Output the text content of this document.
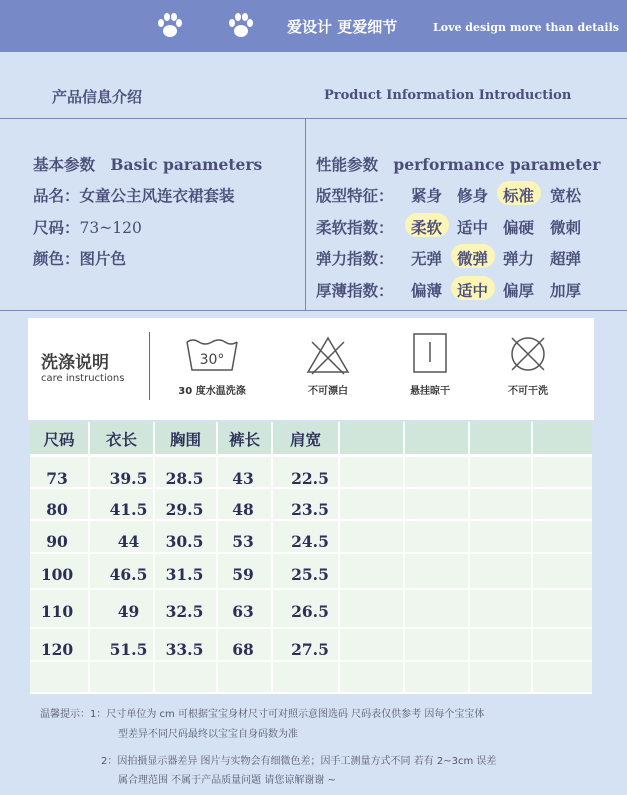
爱设计 更爱细节	Love design more than details
产品信息介绍	Product Information Introduction
基本参数 Basic parameters
品名：女童公主风连衣裙套装
尺码：73~120
颜色：图片色
性能参数 performance parameter
版型特征： 紧身 修身 标准 宽松
柔软指数： 柔软 适中 偏硬 微刺
弹力指数： 无弹 微弹 弹力 超弹
厚薄指数： 偏薄 适中 偏厚 加厚
洗涤说明
care instructions
30°
30 度水温洗涤	不可漂白	悬挂晾干	不可干洗
尺码	衣长	胸围	裤长	肩宽
73	39.5	28.5	43	22.5
80	41.5	29.5	48	23.5
90	44	30.5	53	24.5
100	46.5	31.5	59	25.5
110	49	32.5	63	26.5
120	51.5	33.5	68	27.5
温馨提示：1：尺寸单位为 cm 可根据宝宝身材尺寸可对照示意图选码 尺码表仅供参考 因每个宝宝体
型差异不同尺码最终以宝宝自身码数为准
2：因拍摄显示器差异 图片与实物会有细微色差；因手工测量方式不同 若有 2~3cm 误差
属合理范围 不属于产品质量问题 请您谅解谢谢 ~
